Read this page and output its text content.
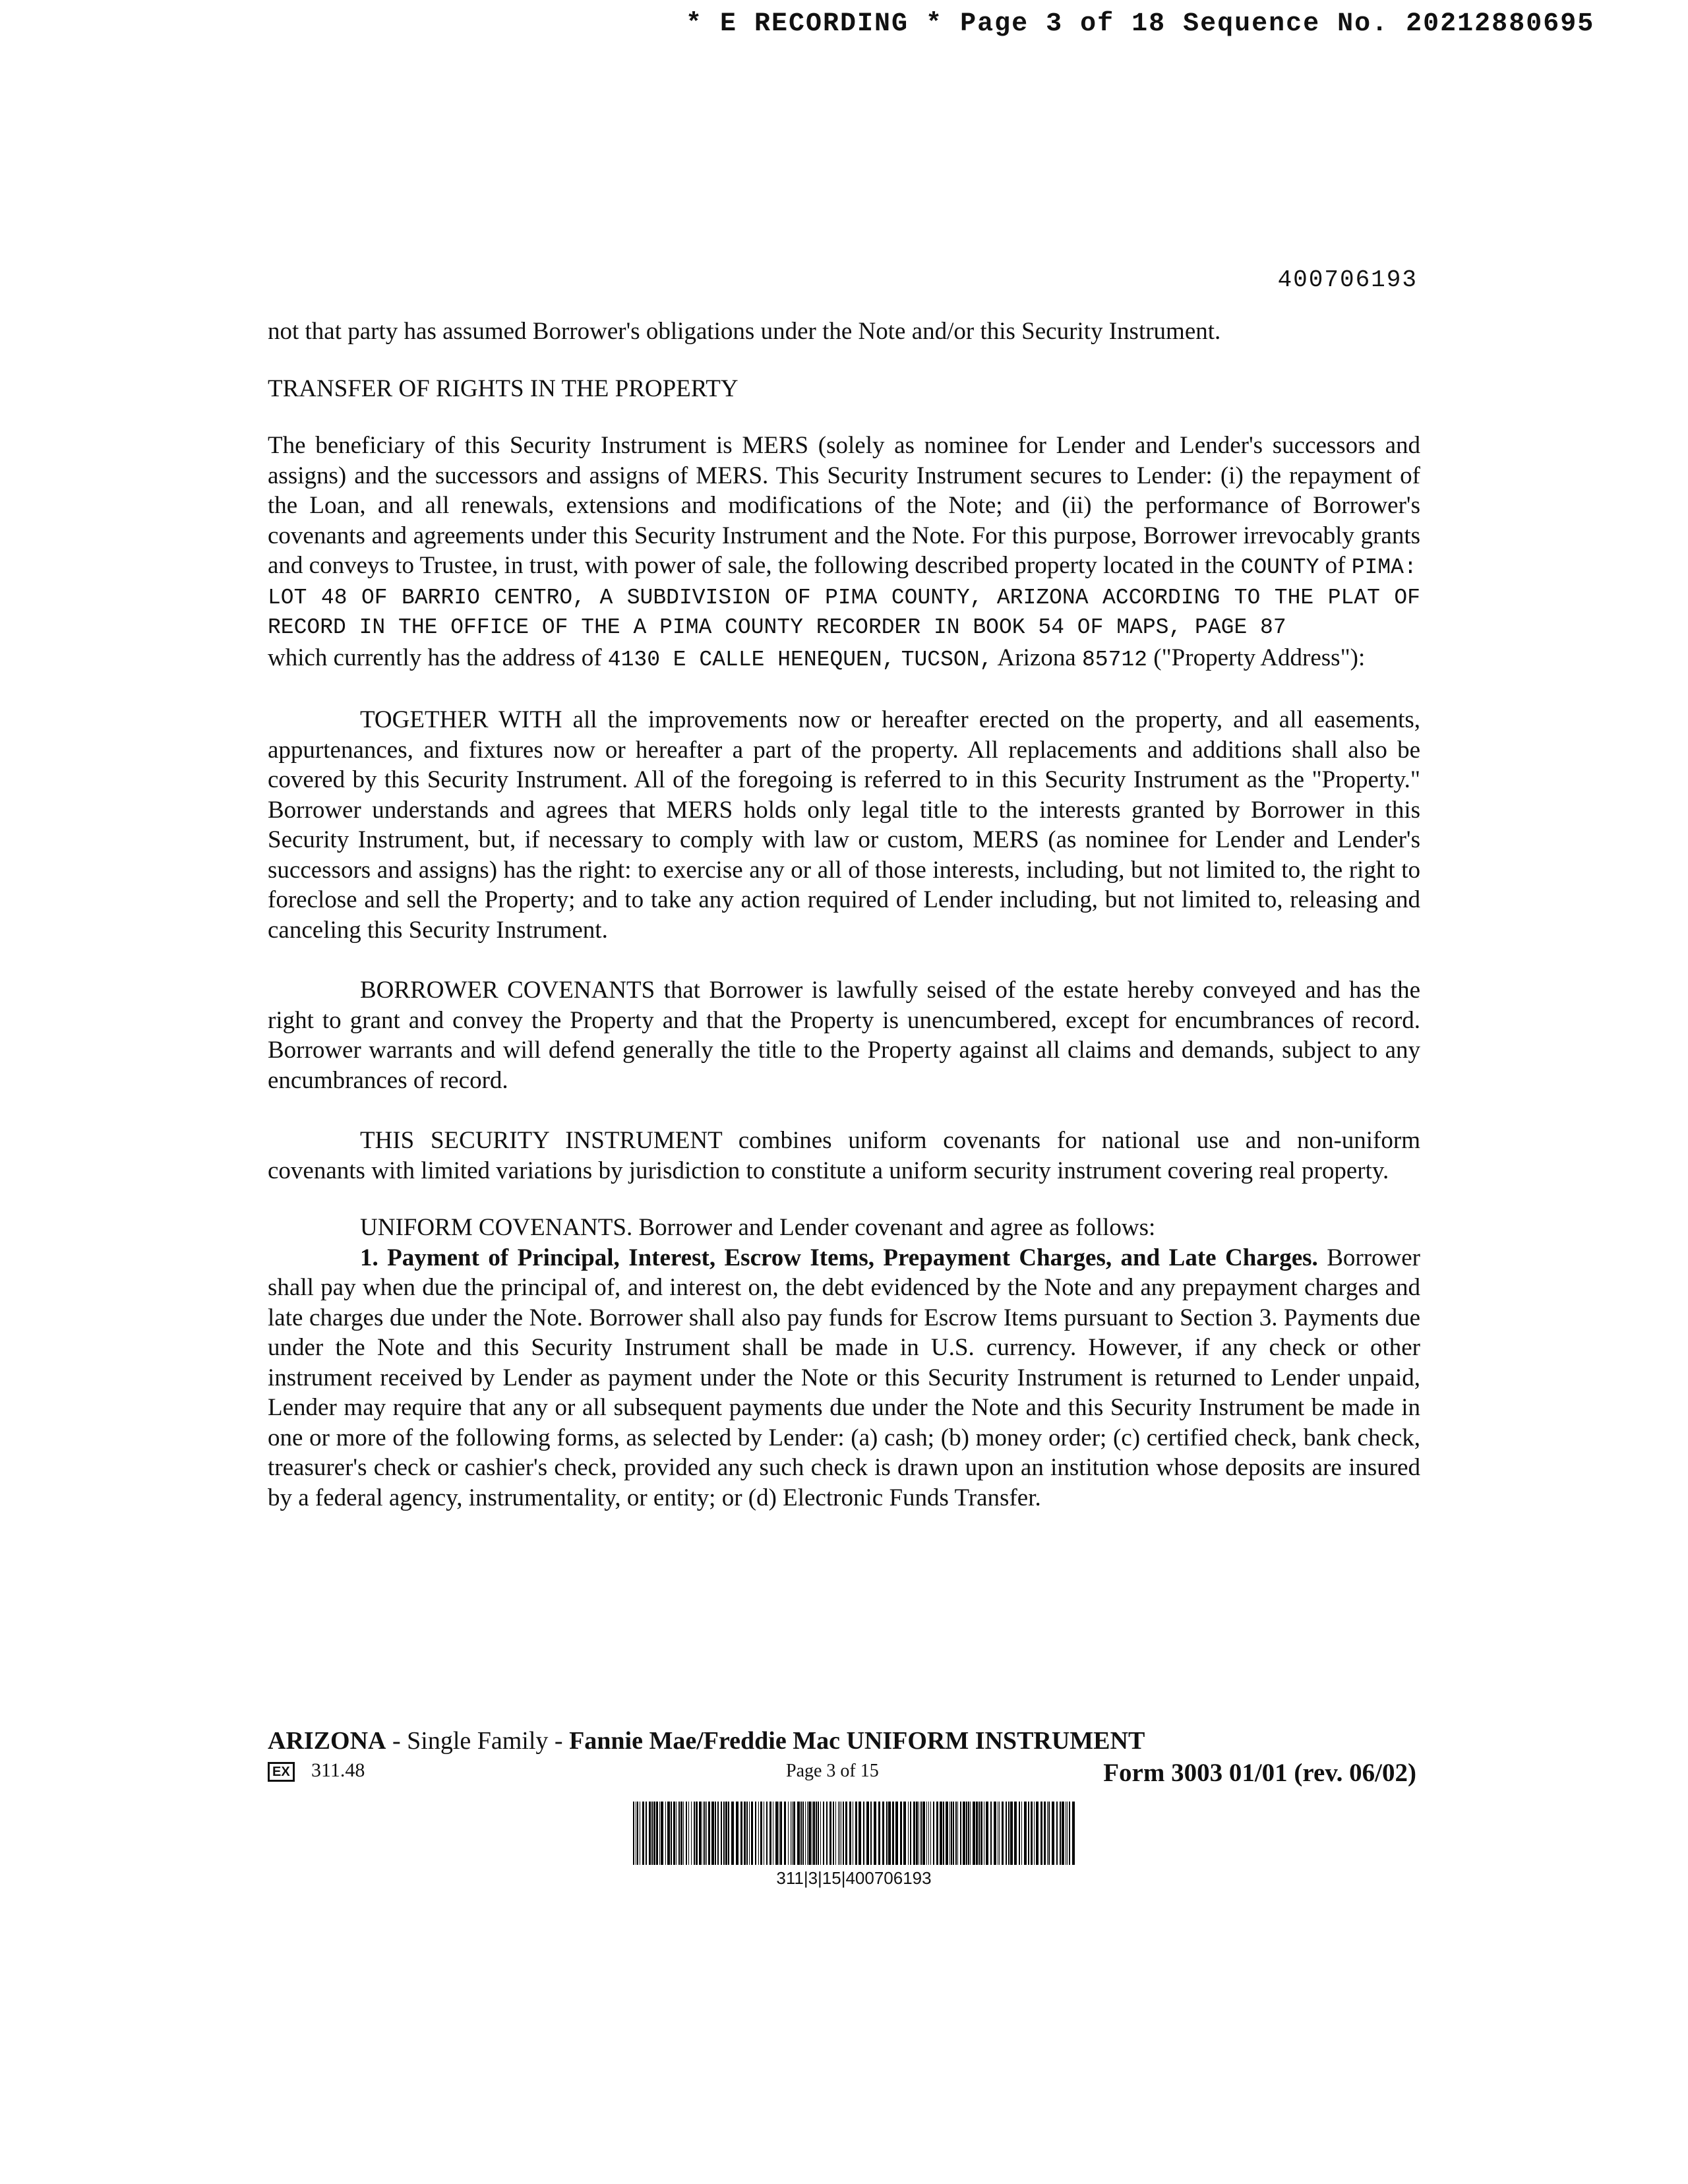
* E RECORDING * Page 3 of 18 Sequence No. 20212880695
400706193

not that party has assumed Borrower's obligations under the Note and/or this Security Instrument.

TRANSFER OF RIGHTS IN THE PROPERTY

The beneficiary of this Security Instrument is MERS (solely as nominee for Lender and Lender's successors and assigns) and the successors and assigns of MERS. This Security Instrument secures to Lender: (i) the repayment of the Loan, and all renewals, extensions and modifications of the Note; and (ii) the performance of Borrower's covenants and agreements under this Security Instrument and the Note. For this purpose, Borrower irrevocably grants and conveys to Trustee, in trust, with power of sale, the following described property located in the COUNTY of PIMA:

LOT 48 OF BARRIO CENTRO, A SUBDIVISION OF PIMA COUNTY, ARIZONA ACCORDING TO THE PLAT OF RECORD IN THE OFFICE OF THE A PIMA COUNTY RECORDER IN BOOK 54 OF MAPS, PAGE 87

which currently has the address of 4130 E CALLE HENEQUEN, TUCSON, Arizona 85712 ("Property Address"):

TOGETHER WITH all the improvements now or hereafter erected on the property, and all easements, appurtenances, and fixtures now or hereafter a part of the property. All replacements and additions shall also be covered by this Security Instrument. All of the foregoing is referred to in this Security Instrument as the "Property." Borrower understands and agrees that MERS holds only legal title to the interests granted by Borrower in this Security Instrument, but, if necessary to comply with law or custom, MERS (as nominee for Lender and Lender's successors and assigns) has the right: to exercise any or all of those interests, including, but not limited to, the right to foreclose and sell the Property; and to take any action required of Lender including, but not limited to, releasing and canceling this Security Instrument.

BORROWER COVENANTS that Borrower is lawfully seised of the estate hereby conveyed and has the right to grant and convey the Property and that the Property is unencumbered, except for encumbrances of record. Borrower warrants and will defend generally the title to the Property against all claims and demands, subject to any encumbrances of record.

THIS SECURITY INSTRUMENT combines uniform covenants for national use and non-uniform covenants with limited variations by jurisdiction to constitute a uniform security instrument covering real property.

UNIFORM COVENANTS. Borrower and Lender covenant and agree as follows:

1. Payment of Principal, Interest, Escrow Items, Prepayment Charges, and Late Charges. Borrower shall pay when due the principal of, and interest on, the debt evidenced by the Note and any prepayment charges and late charges due under the Note. Borrower shall also pay funds for Escrow Items pursuant to Section 3. Payments due under the Note and this Security Instrument shall be made in U.S. currency. However, if any check or other instrument received by Lender as payment under the Note or this Security Instrument is returned to Lender unpaid, Lender may require that any or all subsequent payments due under the Note and this Security Instrument be made in one or more of the following forms, as selected by Lender: (a) cash; (b) money order; (c) certified check, bank check, treasurer's check or cashier's check, provided any such check is drawn upon an institution whose deposits are insured by a federal agency, instrumentality, or entity; or (d) Electronic Funds Transfer.

ARIZONA - Single Family - Fannie Mae/Freddie Mac UNIFORM INSTRUMENT
EX 311.48	Page 3 of 15	Form 3003 01/01 (rev. 06/02)
311|3|15|400706193
